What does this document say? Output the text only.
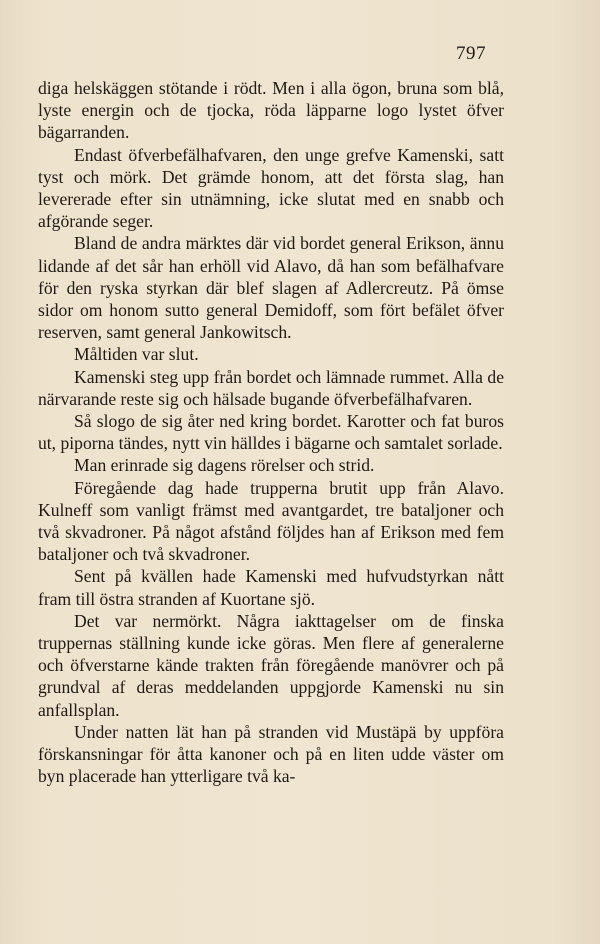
797

diga helskäggen stötande i rödt. Men i alla ögon, bruna som blå, lyste energin och de tjocka, röda läpparne logo lystet öfver bägarranden.

Endast öfverbefälhafvaren, den unge grefve Kamenski, satt tyst och mörk. Det grämde honom, att det första slag, han levererade efter sin utnämning, icke slutat med en snabb och afgörande seger.

Bland de andra märktes där vid bordet general Erikson, ännu lidande af det sår han erhöll vid Alavo, då han som befälhafvare för den ryska styrkan där blef slagen af Adlercreutz. På ömse sidor om honom sutto general Demidoff, som fört befälet öfver reserven, samt general Jankowitsch.

Måltiden var slut.

Kamenski steg upp från bordet och lämnade rummet. Alla de närvarande reste sig och hälsade bugande öfverbefälhafvaren.

Så slogo de sig åter ned kring bordet. Karotter och fat buros ut, piporna tändes, nytt vin hälldes i bägarne och samtalet sorlade.

Man erinrade sig dagens rörelser och strid.

Föregående dag hade trupperna brutit upp från Alavo. Kulneff som vanligt främst med avantgardet, tre bataljoner och två skvadroner. På något afstånd följdes han af Erikson med fem bataljoner och två skvadroner.

Sent på kvällen hade Kamenski med hufvudstyrkan nått fram till östra stranden af Kuortane sjö.

Det var nermörkt. Några iakttagelser om de finska truppernas ställning kunde icke göras. Men flere af generalerne och öfverstarne kände trakten från föregående manövrer och på grundval af deras meddelanden uppgjorde Kamenski nu sin anfallsplan.

Under natten lät han på stranden vid Mustäpä by uppföra förskansningar för åtta kanoner och på en liten udde väster om byn placerade han ytterligare två ka-
